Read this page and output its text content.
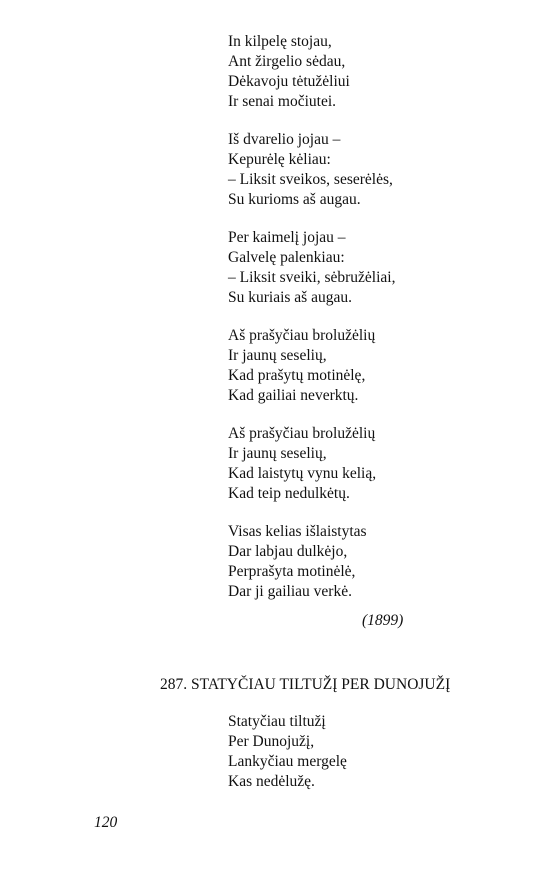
In kilpelę stojau,
Ant žirgelio sėdau,
Dėkavoju tėtužėliui
Ir senai močiutei.
Iš dvarelio jojau –
Kepurėlę kėliau:
– Liksit sveikos, seserėlės,
Su kurioms aš augau.
Per kaimelį jojau –
Galvelę palenkiau:
– Liksit sveiki, sėbružėliai,
Su kuriais aš augau.
Aš prašyčiau brolužėlių
Ir jaunų seselių,
Kad prašytų motinėlę,
Kad gailiai neverktų.
Aš prašyčiau brolužėlių
Ir jaunų seselių,
Kad laistytų vynu kelią,
Kad teip nedulkėtų.
Visas kelias išlaistytas
Dar labjau dulkėjo,
Perprašyta motinėlė,
Dar ji gailiau verkė.
(1899)
287. STATYČIAU TILTUŽĮ PER DUNOJUŽĮ
Statyčiau tiltužį
Per Dunojužį,
Lankyčiau mergelę
Kas nedėlužę.
120
